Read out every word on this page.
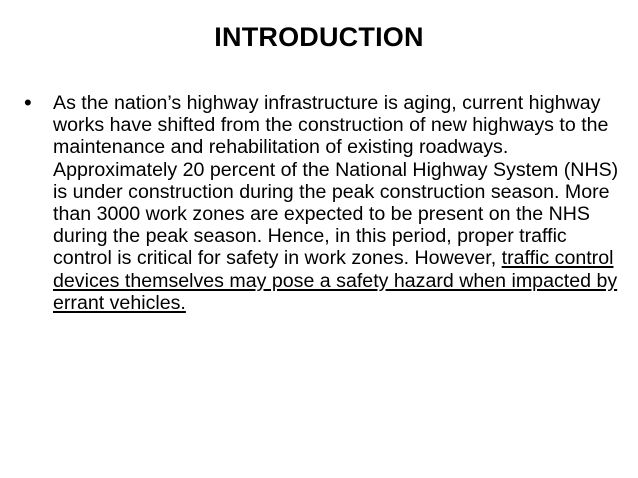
INTRODUCTION
•	As the nation’s highway infrastructure is aging, current highway works have shifted from the construction of new highways to the maintenance and rehabilitation of existing roadways. Approximately 20 percent of the National Highway System (NHS) is under construction during the peak construction season. More than 3000 work zones are expected to be present on the NHS during the peak season. Hence, in this period, proper traffic control is critical for safety in work zones. However, traffic control devices themselves may pose a safety hazard when impacted by errant vehicles.
